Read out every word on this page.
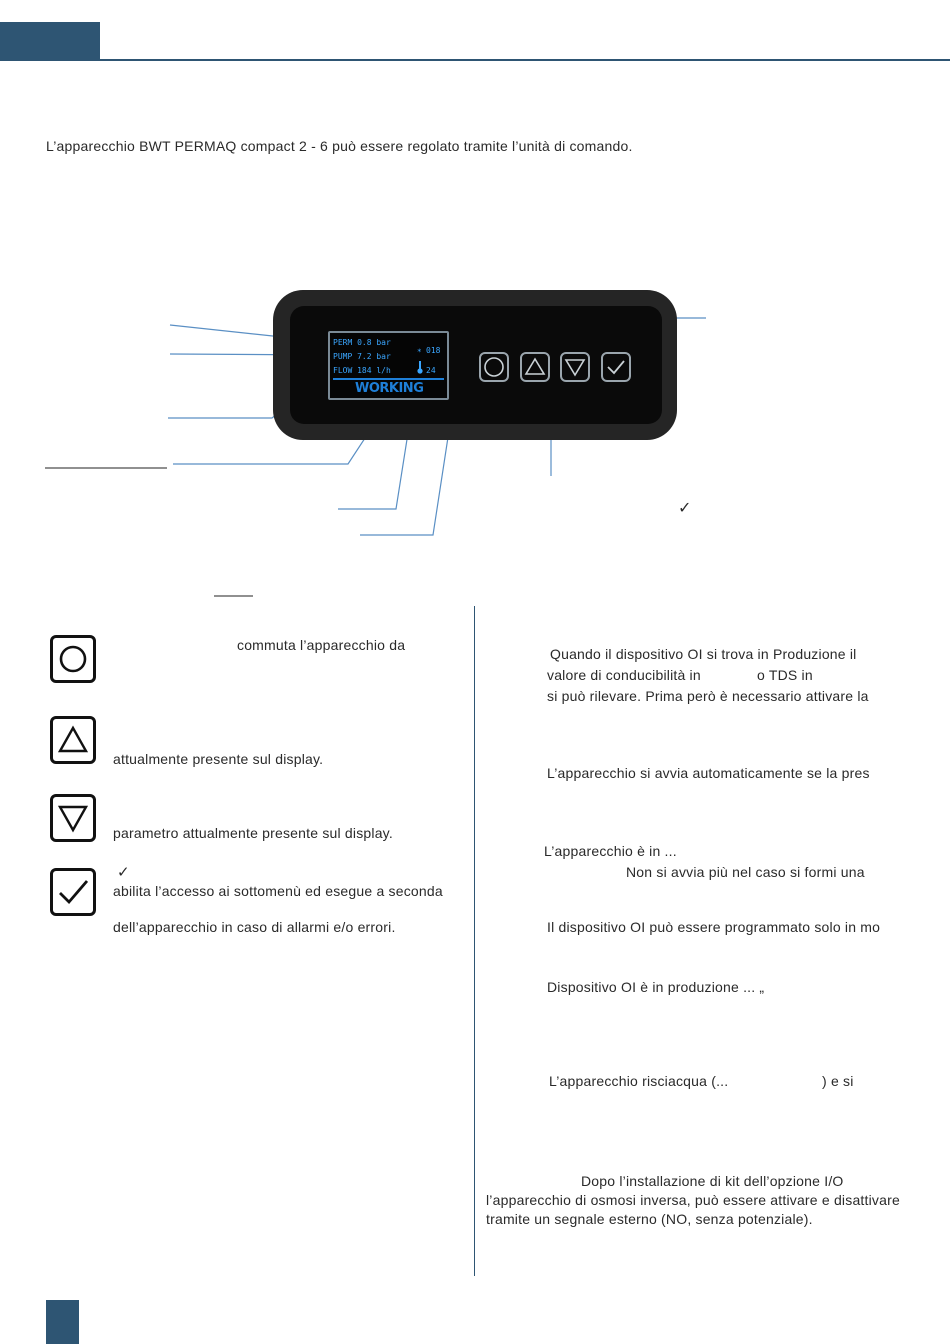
L’apparecchio BWT PERMAQ compact 2 - 6 può essere regolato tramite l’unità di comando.
PERM 0.8 bar
PUMP 7.2 bar
FLOW 184 l/h
∗ 018
24
WORKING
✓
commuta l’apparecchio da
attualmente presente sul display.
parametro attualmente presente sul display.
✓
abilita l’accesso ai sottomenù ed esegue a seconda
dell’apparecchio in caso di allarmi e/o errori.
Quando il dispositivo OI si trova in Produzione il
valore di conducibilità in	o TDS in
si può rilevare. Prima però è necessario attivare la
L’apparecchio si avvia automaticamente se la pres
L’apparecchio è in ...
Non si avvia più nel caso si formi una
Il dispositivo OI può essere programmato solo in mo
Dispositivo OI è in produzione ... „
L’apparecchio risciacqua (...	) e si
Dopo l’installazione di kit dell’opzione I/O
l’apparecchio di osmosi inversa, può essere attivare e disattivare
tramite un segnale esterno (NO, senza potenziale).
